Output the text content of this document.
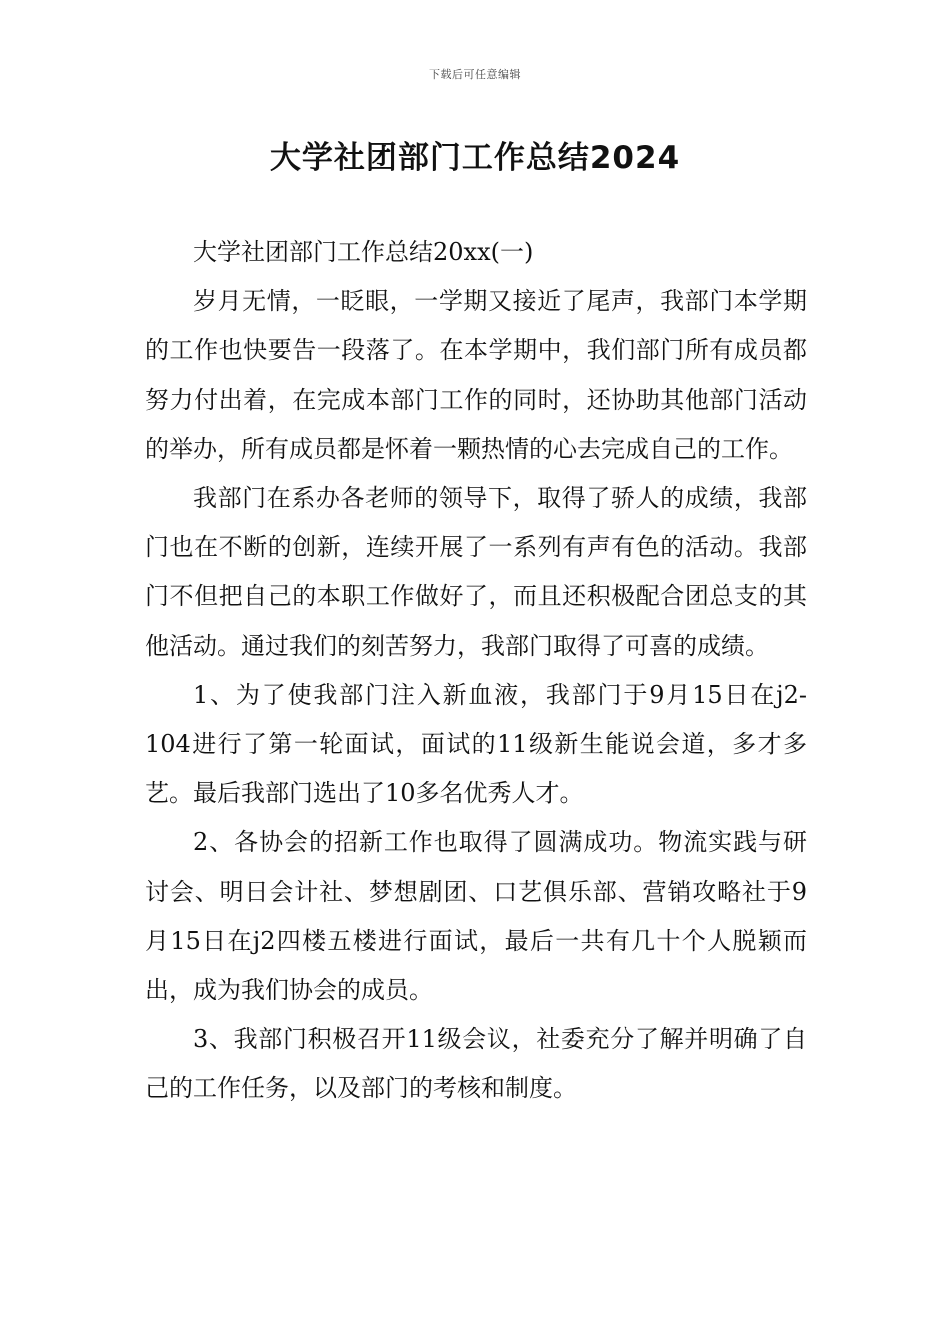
下载后可任意编辑
大学社团部门工作总结2024

大学社团部门工作总结20xx(一)

岁月无情，一眨眼，一学期又接近了尾声，我部门本学期的工作也快要告一段落了。在本学期中，我们部门所有成员都努力付出着，在完成本部门工作的同时，还协助其他部门活动的举办，所有成员都是怀着一颗热情的心去完成自己的工作。

我部门在系办各老师的领导下，取得了骄人的成绩，我部门也在不断的创新，连续开展了一系列有声有色的活动。我部门不但把自己的本职工作做好了，而且还积极配合团总支的其他活动。通过我们的刻苦努力，我部门取得了可喜的成绩。

1、为了使我部门注入新血液，我部门于9月15日在j2-104进行了第一轮面试，面试的11级新生能说会道，多才多艺。最后我部门选出了10多名优秀人才。

2、各协会的招新工作也取得了圆满成功。物流实践与研讨会、明日会计社、梦想剧团、口艺俱乐部、营销攻略社于9月15日在j2四楼五楼进行面试，最后一共有几十个人脱颖而出，成为我们协会的成员。

3、我部门积极召开11级会议，社委充分了解并明确了自己的工作任务，以及部门的考核和制度。
